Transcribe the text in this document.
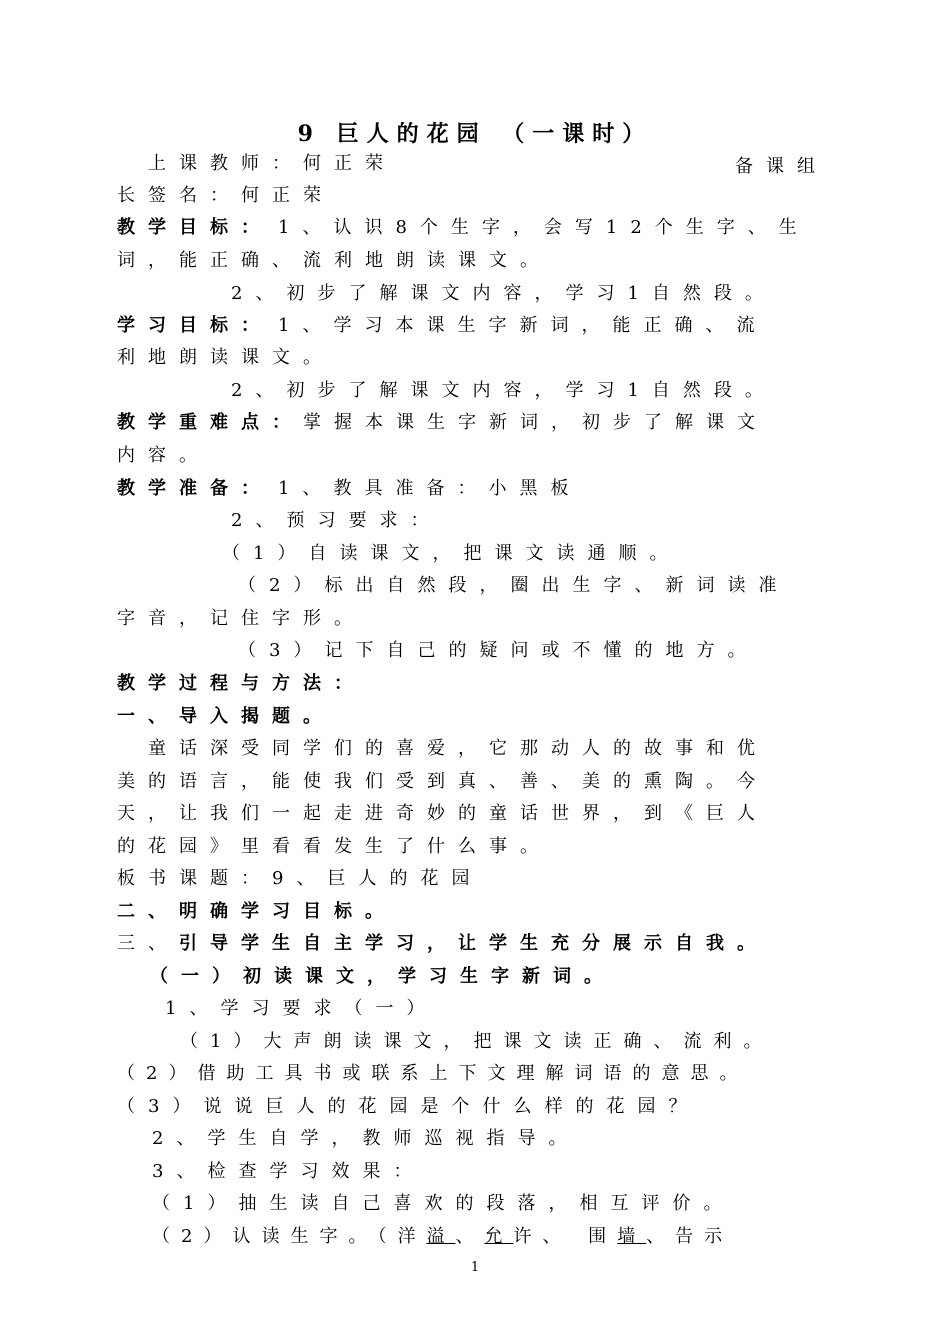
9 巨人的花园 （一课时）
上课教师：何正荣	备课组
长签名：何正荣
教学目标： 1、认识8个生字，会写12个生字、生
词，能正确、流利地朗读课文。
2、初步了解课文内容，学习1自然段。
学习目标： 1、学习本课生字新词，能正确、流
利地朗读课文。
2、初步了解课文内容，学习1自然段。
教学重难点：掌握本课生字新词，初步了解课文
内容。
教学准备： 1、教具准备：小黑板
2、预习要求：
（1）自读课文，把课文读通顺。
（2）标出自然段，圈出生字、新词读准
字音，记住字形。
（3）记下自己的疑问或不懂的地方。
教学过程与方法：
一、导入揭题。
童话深受同学们的喜爱，它那动人的故事和优
美的语言，能使我们受到真、善、美的熏陶。今
天，让我们一起走进奇妙的童话世界，到《巨人
的花园》里看看发生了什么事。
板书课题：9、巨人的花园
二、明确学习目标。
三、引导学生自主学习，让学生充分展示自我。
（一）初读课文，学习生字新词。
1、学习要求（一）
（1）大声朗读课文，把课文读正确、流利。
（2）借助工具书或联系上下文理解词语的意思。
（3）说说巨人的花园是个什么样的花园？
2、学生自学，教师巡视指导。
3、检查学习效果：
（1）抽生读自己喜欢的段落，相互评价。
（2）认读生字。（洋溢、允许、 围墙、告示
1
